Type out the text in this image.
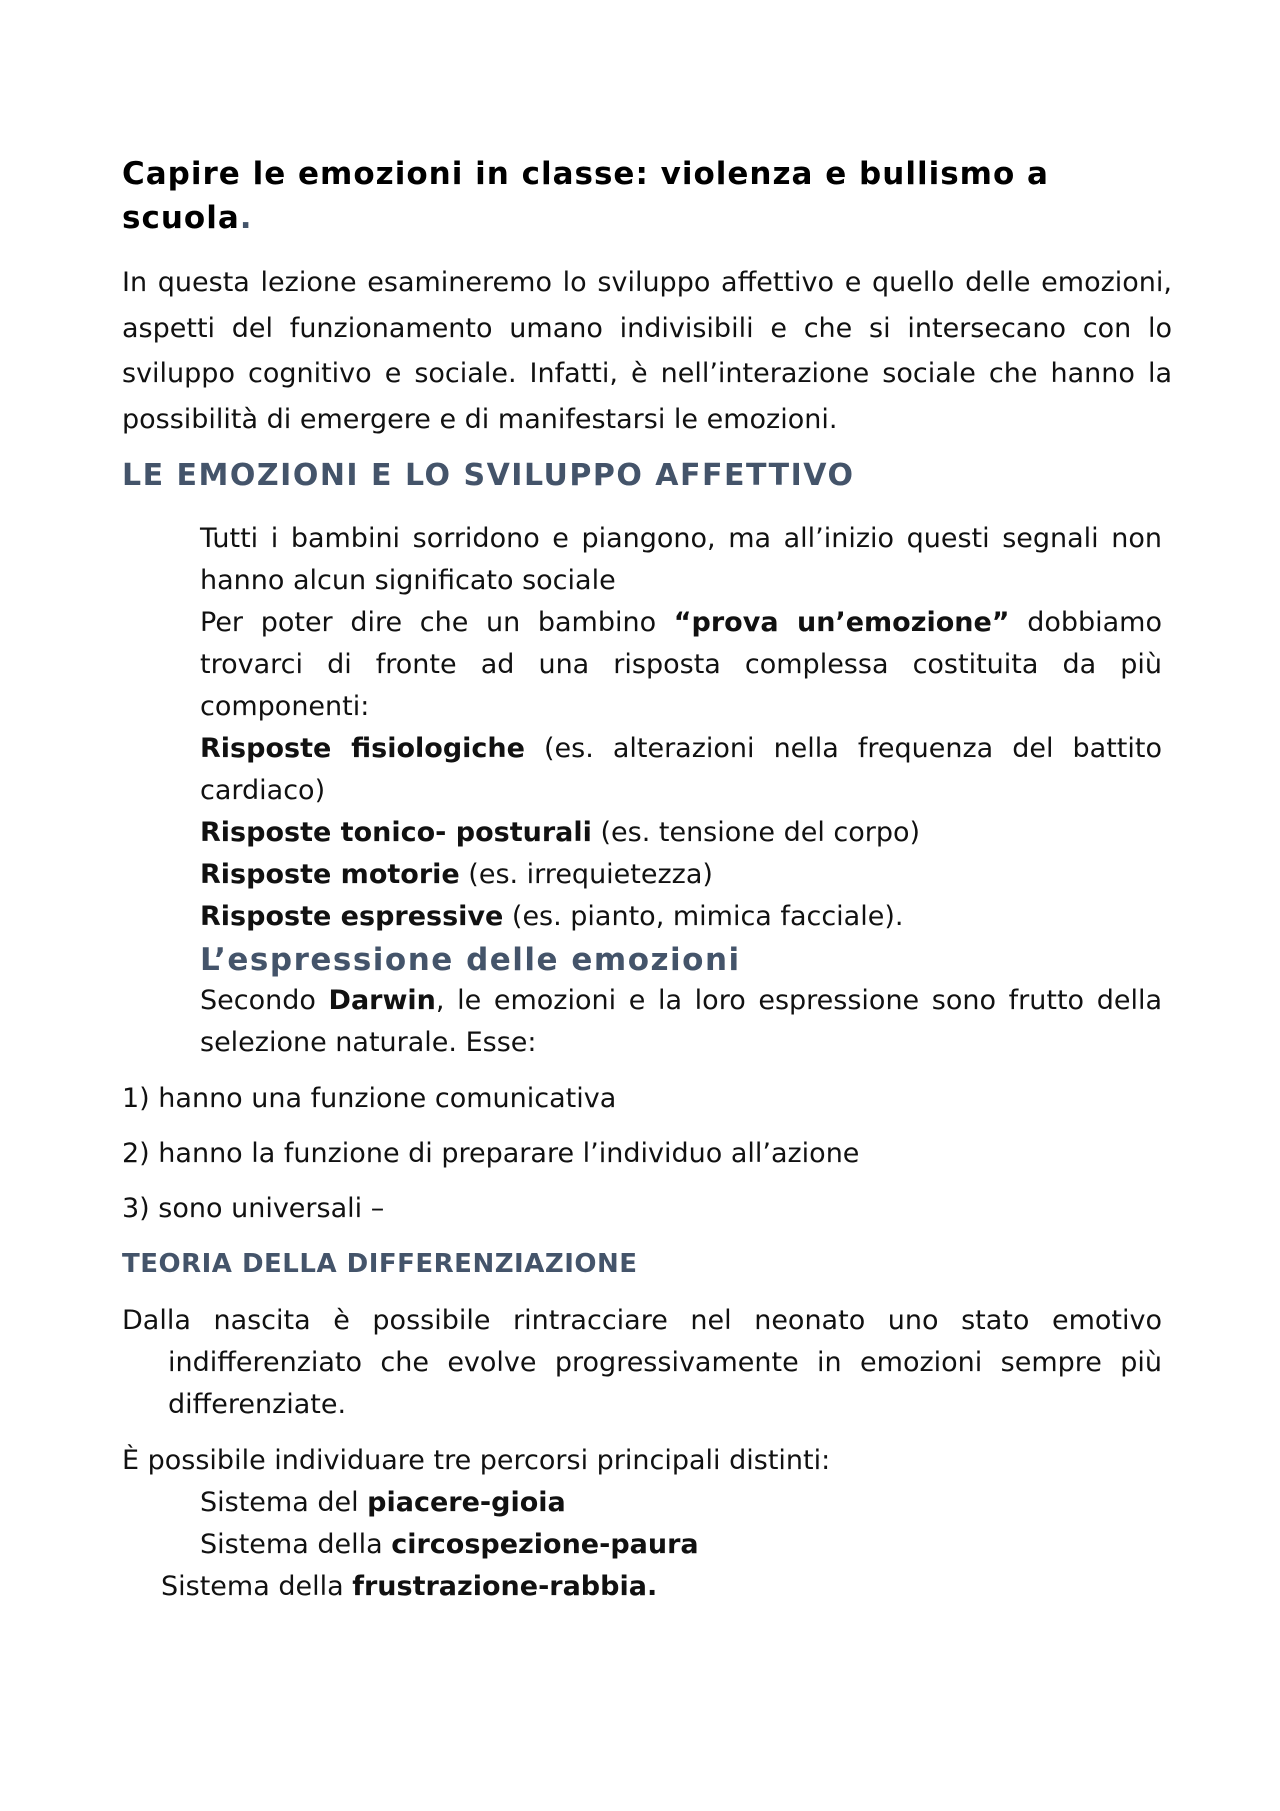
Capire le emozioni in classe: violenza e bullismo a scuola.

In questa lezione esamineremo lo sviluppo affettivo e quello delle emozioni, aspetti del funzionamento umano indivisibili e che si intersecano con lo sviluppo cognitivo e sociale. Infatti, è nell’interazione sociale che hanno la possibilità di emergere e di manifestarsi le emozioni.

LE EMOZIONI E LO SVILUPPO AFFETTIVO

Tutti i bambini sorridono e piangono, ma all’inizio questi segnali non hanno alcun significato sociale

Per poter dire che un bambino “prova un’emozione” dobbiamo trovarci di fronte ad una risposta complessa costituita da più componenti:

Risposte fisiologiche (es. alterazioni nella frequenza del battito cardiaco)

Risposte tonico- posturali (es. tensione del corpo)

Risposte motorie (es. irrequietezza)

Risposte espressive (es. pianto, mimica facciale).

L’espressione delle emozioni

Secondo Darwin, le emozioni e la loro espressione sono frutto della selezione naturale. Esse:

1) hanno una funzione comunicativa

2) hanno la funzione di preparare l’individuo all’azione

3) sono universali –

TEORIA DELLA DIFFERENZIAZIONE

Dalla nascita è possibile rintracciare nel neonato uno stato emotivo indifferenziato che evolve progressivamente in emozioni sempre più differenziate.

È possibile individuare tre percorsi principali distinti:

Sistema del piacere-gioia

Sistema della circospezione-paura

Sistema della frustrazione-rabbia.
